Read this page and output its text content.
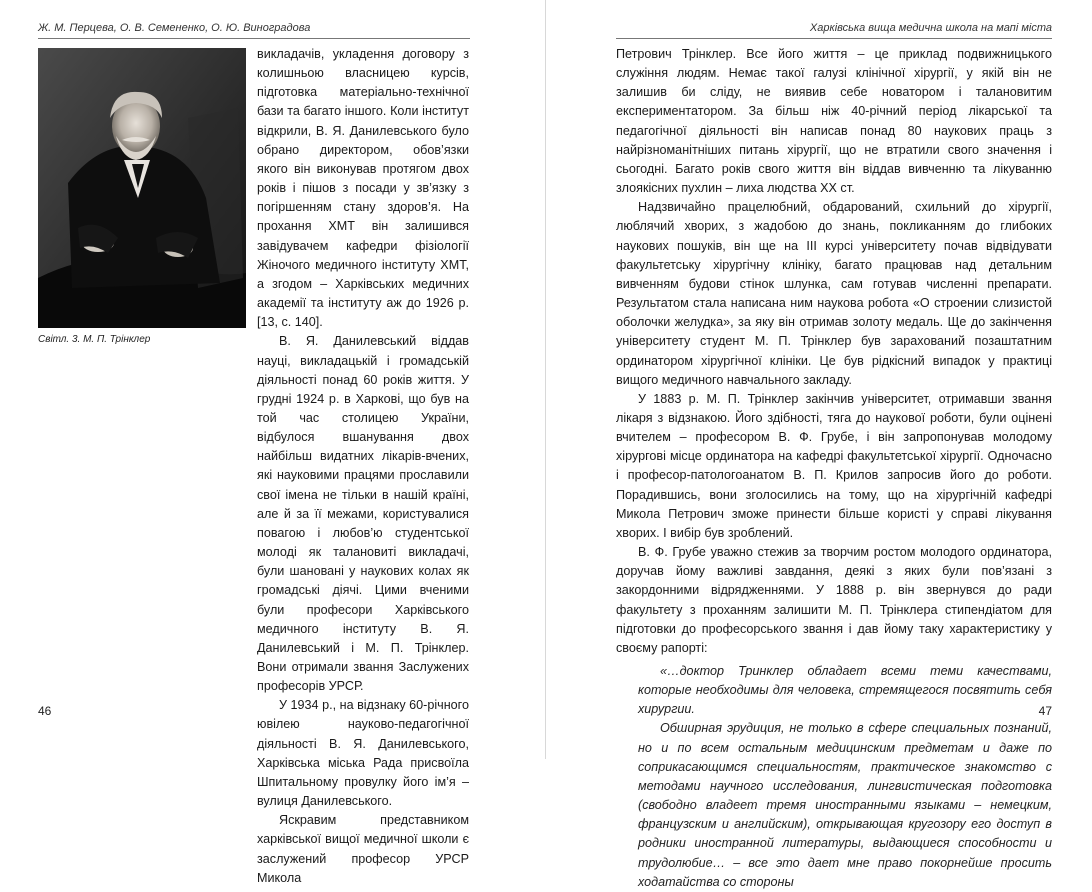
Ж. М. Перцева, О. В. Семененко, О. Ю. Виноградова
Світл. 3. М. П. Трінклер

викладачів, укладення договору з колишньою власницею курсів, підготовка матеріально-технічної бази та багато іншого. Коли інститут відкрили, В. Я. Данилевського було обрано директором, обов’язки якого він виконував протягом двох років і пішов з посади у зв’язку з погіршенням стану здоров’я. На прохання ХМТ він залишився завідувачем кафедри фізіології Жіночого медичного інституту ХМТ, а згодом – Харківських медичних академії та інституту аж до 1926 р. [13, с. 140].

В. Я. Данилевський віддав науці, викладацькій і громадській діяльності понад 60 років життя. У грудні 1924 р. в Харкові, що був на той час столицею України, відбулося вшанування двох найбільш видатних лікарів-вчених, які науковими працями прославили свої імена не тільки в нашій країні, але й за її межами, користувалися повагою і любов’ю студентської молоді як талановиті викладачі, були шановані у наукових колах як громадські діячі. Цими вченими були професори Харківського медичного інституту В. Я. Данилевський і М. П. Трінклер. Вони отримали звання Заслужених професорів УРСР.

У 1934 р., на відзнаку 60-річного ювілею науково-педагогічної діяльності В. Я. Данилевського, Харківська міська Рада присвоїла Шпитальному провулку його ім’я – вулиця Данилевського.

Яскравим представником харківської вищої медичної школи є заслужений професор УРСР Микола

46
Харківська вища медична школа на мапі міста

Петрович Трінклер. Все його життя – це приклад подвижницького служіння людям. Немає такої галузі клінічної хірургії, у якій він не залишив би сліду, не виявив себе новатором і талановитим експериментатором. За більш ніж 40-річний період лікарської та педагогічної діяльності він написав понад 80 наукових праць з найрізноманітніших питань хірургії, що не втратили свого значення і сьогодні. Багато років свого життя він віддав вивченню та лікуванню злоякісних пухлин – лиха людства XX ст.

Надзвичайно працелюбний, обдарований, схильний до хірургії, люблячий хворих, з жадобою до знань, покликанням до глибоких наукових пошуків, він ще на III курсі університету почав відвідувати факультетську хірургічну клініку, багато працював над детальним вивченням будови стінок шлунка, сам готував численні препарати. Результатом стала написана ним наукова робота «О строении слизистой оболочки желудка», за яку він отримав золоту медаль. Ще до закінчення університету студент М. П. Трінклер був зарахований позаштатним ординатором хірургічної клініки. Це був рідкісний випадок у практиці вищого медичного навчального закладу.

У 1883 р. М. П. Трінклер закінчив університет, отримавши звання лікаря з відзнакою. Його здібності, тяга до наукової роботи, були оцінені вчителем – професором В. Ф. Грубе, і він запропонував молодому хірургові місце ординатора на кафедрі факультетської хірургії. Одночасно і професор-патологоанатом В. П. Крилов запросив його до роботи. Порадившись, вони зголосились на тому, що на хірургічній кафедрі Микола Петрович зможе принести більше користі у справі лікування хворих. І вибір був зроблений.

В. Ф. Грубе уважно стежив за творчим ростом молодого ординатора, доручав йому важливі завдання, деякі з яких були пов’язані з закордонними відрядженнями. У 1888 р. він звернувся до ради факультету з проханням залишити М. П. Трінклера стипендіатом для підготовки до професорського звання і дав йому таку характеристику у своєму рапорті:

«…доктор Тринклер обладает всеми теми качествами, которые необходимы для человека, стремящегося посвятить себя хирургии.

Обширная эрудиция, не только в сфере специальных познаний, но и по всем остальным медицинским предметам и даже по соприкасающимся специальностям, практическое знакомство с методами научного исследования, лингвистическая подготовка (свободно владеет тремя иностранными языками – немецким, французским и английским), открывающая кругозору его доступ в родники иностранной литературы, выдающиеся способности и трудолюбие… – все это дает мне право покорнейше просить ходатайства со стороны

47
